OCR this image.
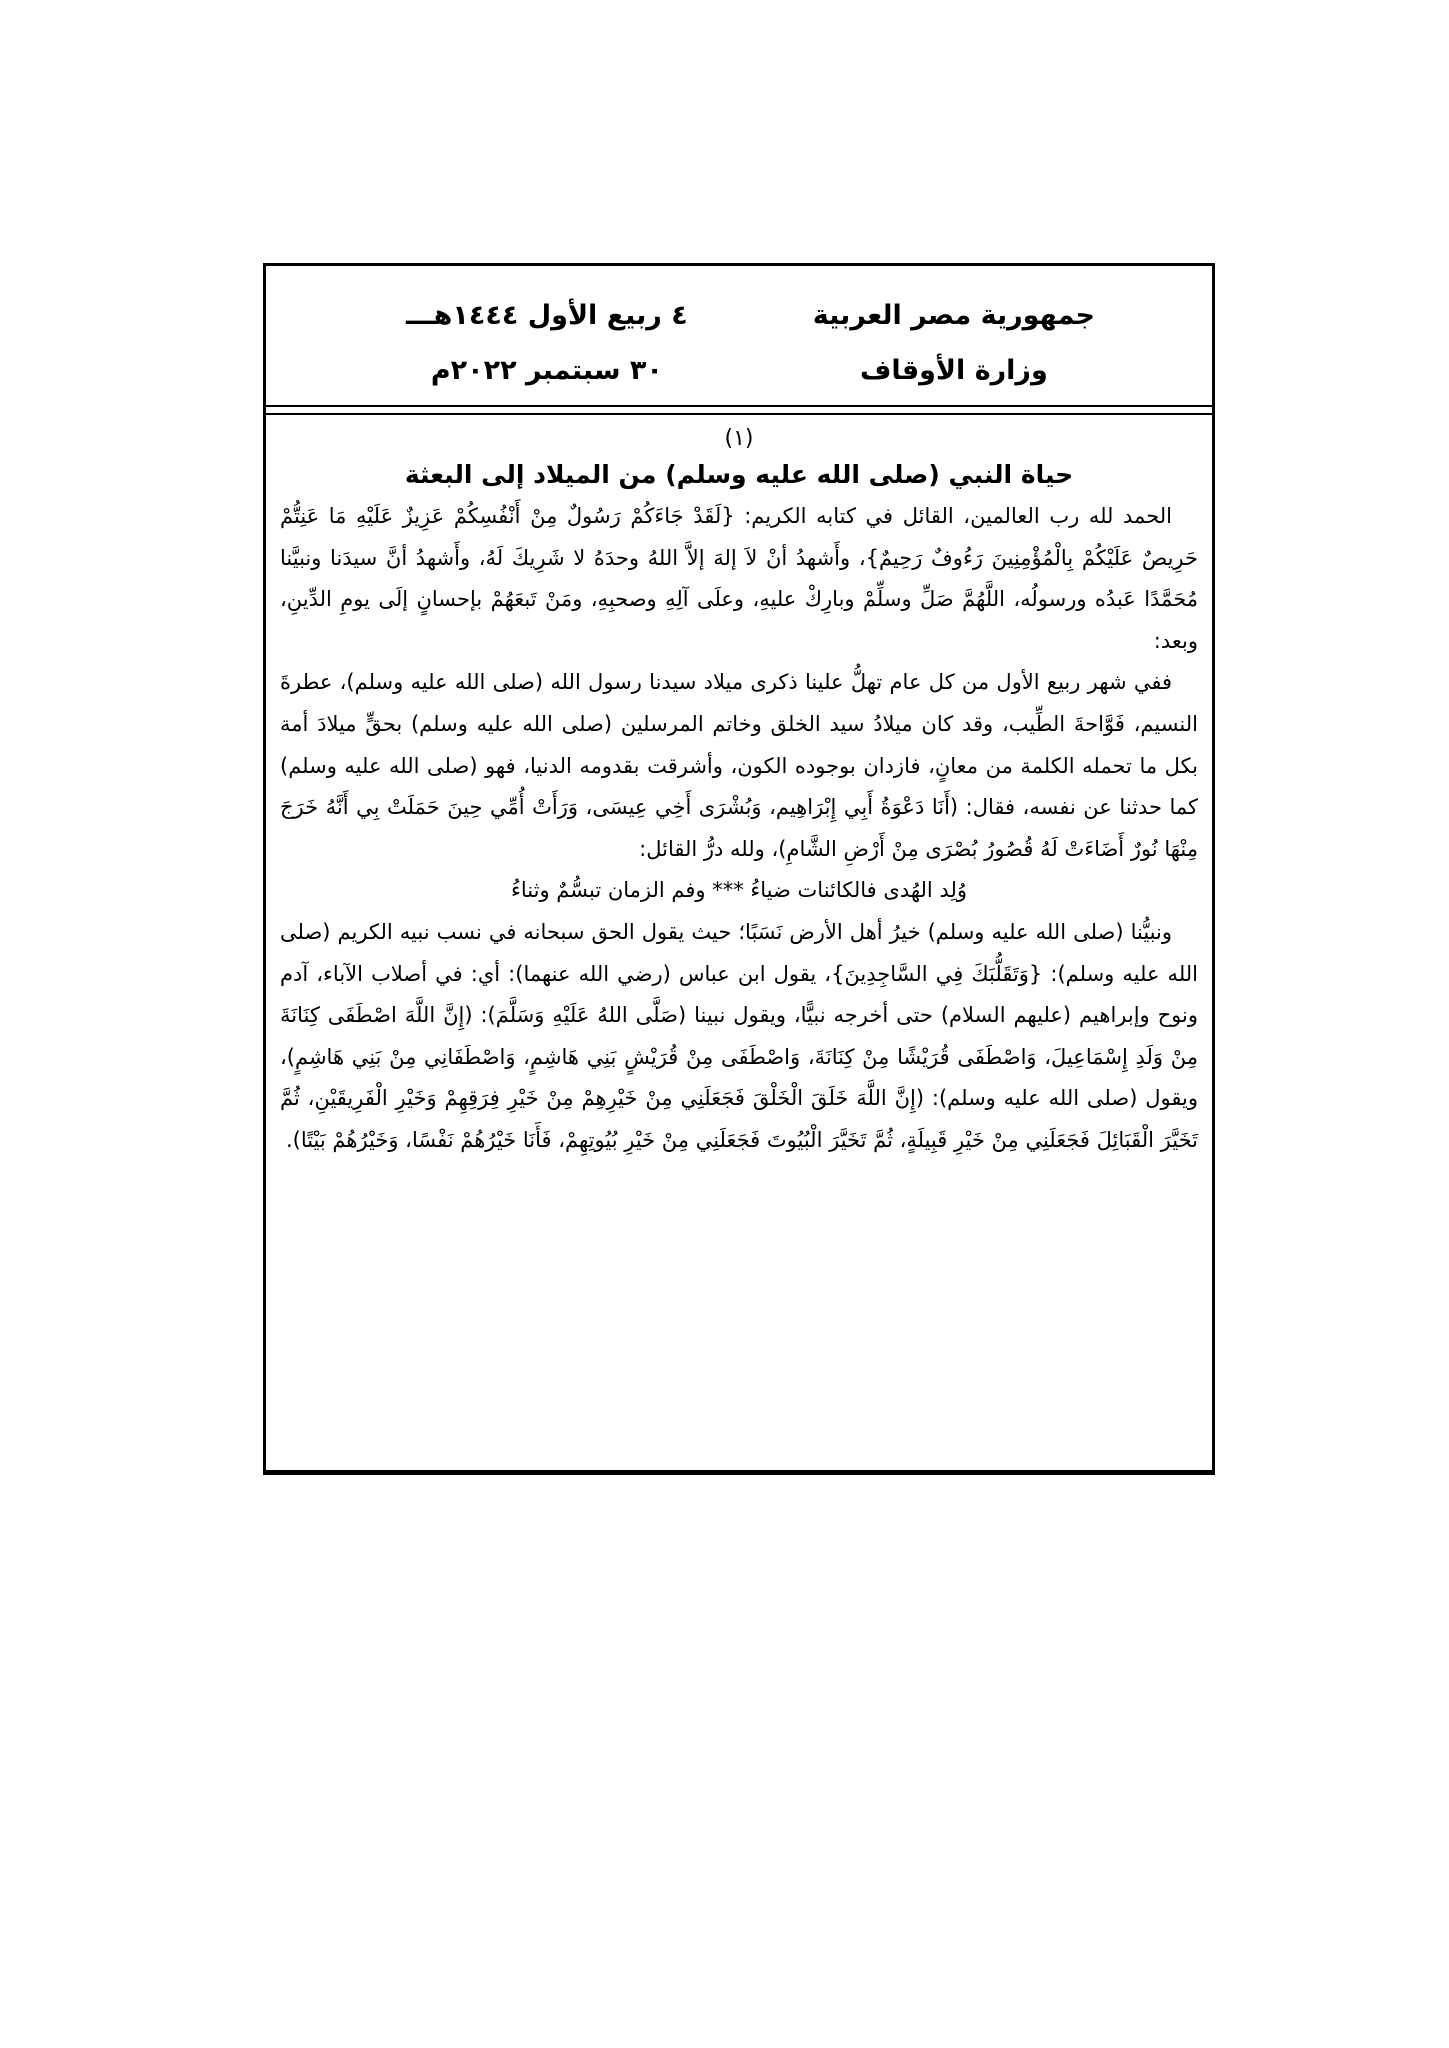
جمهورية مصر العربية
وزارة الأوقاف
٤ ربيع الأول ١٤٤٤هـــ
٣٠ سبتمبر ٢٠٢٢م
(١)
حياة النبي (صلى الله عليه وسلم) من الميلاد إلى البعثة

الحمد لله رب العالمين، القائل في كتابه الكريم: {لَقَدْ جَاءَكُمْ رَسُولٌ مِنْ أَنْفُسِكُمْ عَزِيزٌ عَلَيْهِ مَا عَنِتُّمْ حَرِيصٌ عَلَيْكُمْ بِالْمُؤْمِنِينَ رَءُوفٌ رَحِيمٌ}، وأَشهدُ أنْ لاَ إلهَ إلاَّ اللهُ وحدَهُ لا شَرِيكَ لَهُ، وأَشهدُ أنَّ سيدَنا ونبيَّنا مُحَمَّدًا عَبدُه ورسولُه، اللَّهُمَّ صَلِّ وسلِّمْ وبارِكْ عليهِ، وعلَى آلِهِ وصحبِهِ، ومَنْ تَبعَهُمْ بإحسانٍ إلَى يومِ الدِّينِ، وبعد:

ففي شهر ربيع الأول من كل عام تهلُّ علينا ذكرى ميلاد سيدنا رسول الله (صلى الله عليه وسلم)، عطرةَ النسيم، فَوَّاحةَ الطِّيب، وقد كان ميلادُ سيد الخلق وخاتم المرسلين (صلى الله عليه وسلم) بحقٍّ ميلادَ أمة بكل ما تحمله الكلمة من معانٍ، فازدان بوجوده الكون، وأشرقت بقدومه الدنيا، فهو (صلى الله عليه وسلم) كما حدثنا عن نفسه، فقال: (أَنَا دَعْوَةُ أَبِي إِبْرَاهِيم، وَبُشْرَى أَخِي عِيسَى، وَرَأَتْ أُمِّي حِينَ حَمَلَتْ بِي أَنَّهُ خَرَجَ مِنْهَا نُورٌ أَضَاءَتْ لَهُ قُصُورُ بُصْرَى مِنْ أَرْضِ الشَّامِ)، ولله درُّ القائل:

وُلِد الهُدى فالكائنات ضياءُ *** وفم الزمان تبسُّمٌ وثناءُ

ونبيُّنا (صلى الله عليه وسلم) خيرُ أهل الأرض نَسَبًا؛ حيث يقول الحق سبحانه في نسب نبيه الكريم (صلى الله عليه وسلم): {وَتَقَلُّبَكَ فِي السَّاجِدِينَ}، يقول ابن عباس (رضي الله عنهما): أي: في أصلاب الآباء، آدم ونوح وإبراهيم (عليهم السلام) حتى أخرجه نبيًّا، ويقول نبينا (صَلَّى اللهُ عَلَيْهِ وَسَلَّمَ): (إِنَّ اللَّهَ اصْطَفَى كِنَانَةَ مِنْ وَلَدِ إِسْمَاعِيلَ، وَاصْطَفَى قُرَيْشًا مِنْ كِنَانَةَ، وَاصْطَفَى مِنْ قُرَيْشٍ بَنِي هَاشِمٍ، وَاصْطَفَانِي مِنْ بَنِي هَاشِمٍ)، ويقول (صلى الله عليه وسلم): (إِنَّ اللَّهَ خَلَقَ الْخَلْقَ فَجَعَلَنِي مِنْ خَيْرِهِمْ مِنْ خَيْرِ فِرَقِهِمْ وَخَيْرِ الْفَرِيقَيْنِ، ثُمَّ تَخَيَّرَ الْقَبَائِلَ فَجَعَلَنِي مِنْ خَيْرِ قَبِيلَةٍ، ثُمَّ تَخَيَّرَ الْبُيُوتَ فَجَعَلَنِي مِنْ خَيْرِ بُيُوتِهِمْ، فَأَنَا خَيْرُهُمْ نَفْسًا، وَخَيْرُهُمْ بَيْتًا).
